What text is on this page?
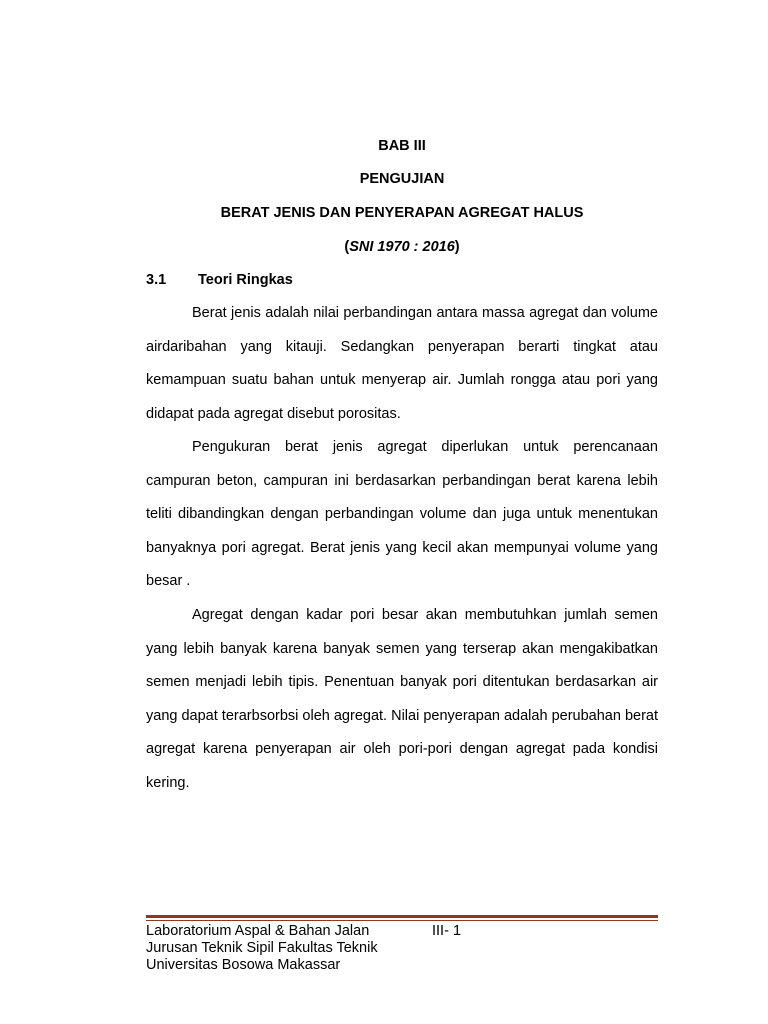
BAB III
PENGUJIAN
BERAT JENIS DAN PENYERAPAN AGREGAT HALUS
(SNI 1970 : 2016)
3.1 Teori Ringkas

Berat jenis adalah nilai perbandingan antara massa agregat dan volume airdaribahan yang kitauji. Sedangkan penyerapan berarti tingkat atau kemampuan suatu bahan untuk menyerap air. Jumlah rongga atau pori yang didapat pada agregat disebut porositas.

Pengukuran berat jenis agregat diperlukan untuk perencanaan campuran beton, campuran ini berdasarkan perbandingan berat karena lebih teliti dibandingkan dengan perbandingan volume dan juga untuk menentukan banyaknya pori agregat. Berat jenis yang kecil akan mempunyai volume yang besar .

Agregat dengan kadar pori besar akan membutuhkan jumlah semen yang lebih banyak karena banyak semen yang terserap akan mengakibatkan semen menjadi lebih tipis. Penentuan banyak pori ditentukan berdasarkan air yang dapat terarbsorbsi oleh agregat. Nilai penyerapan adalah perubahan berat agregat karena penyerapan air oleh pori-pori dengan agregat pada kondisi kering.

Laboratorium Aspal & Bahan Jalan	III- 1
Jurusan Teknik Sipil Fakultas Teknik
Universitas Bosowa Makassar
